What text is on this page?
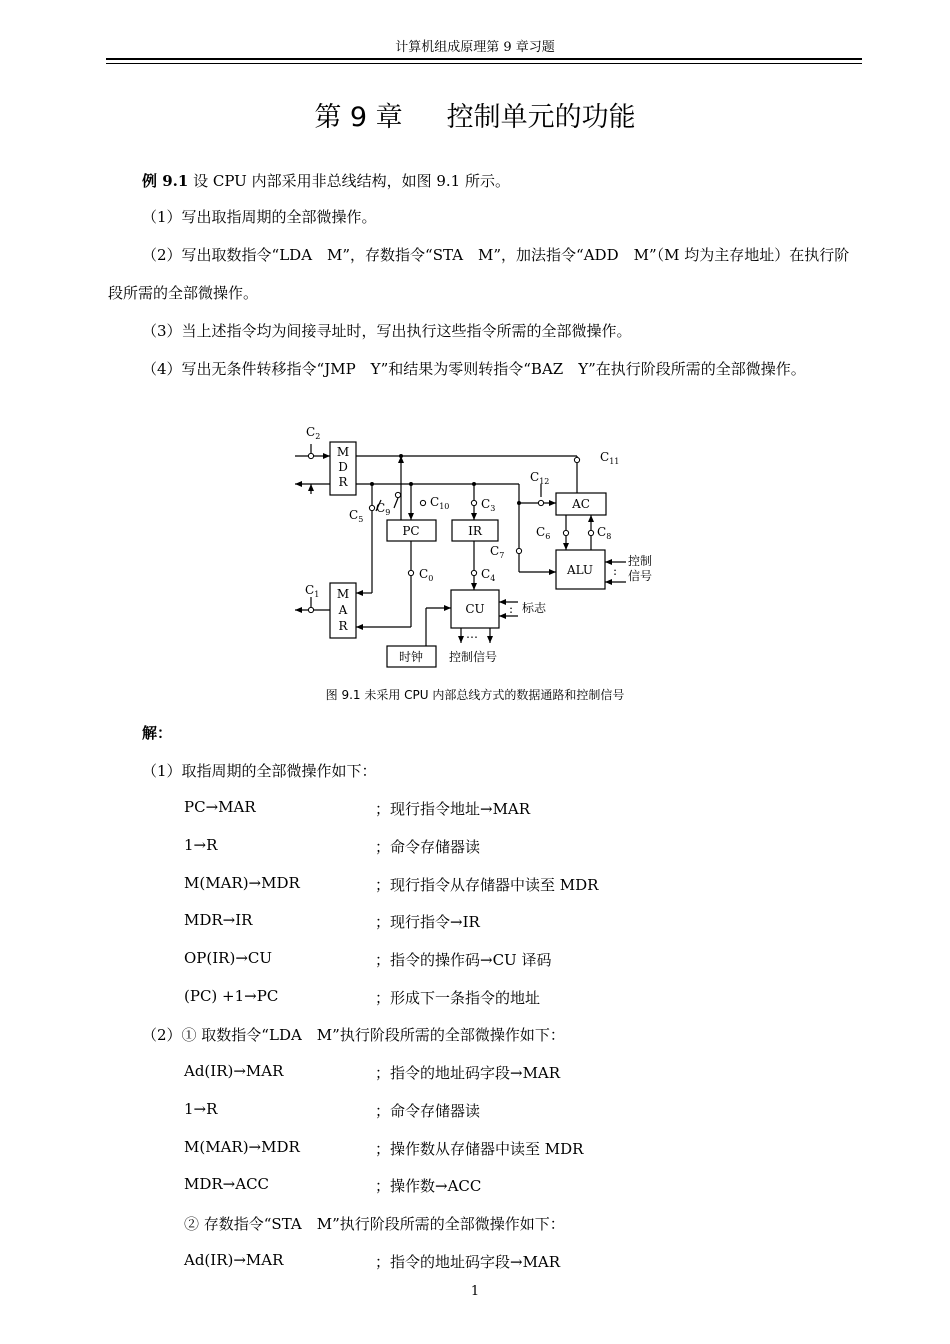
计算机组成原理第 9 章习题
第 9 章 控制单元的功能
例 9.1 设 CPU 内部采用非总线结构，如图 9.1 所示。
（1）写出取指周期的全部微操作。
（2）写出取数指令“LDA　M”，存数指令“STA　M”，加法指令“ADD　M”（M 均为主存地址）在执行阶段所需的全部微操作。
（3）当上述指令均为间接寻址时，写出执行这些指令所需的全部微操作。
（4）写出无条件转移指令“JMP　Y”和结果为零则转指令“BAZ　Y”在执行阶段所需的全部微操作。
M
D
R
M
A
R
PC	IR
AC
ALU
CU
时钟
$C_2$
$C_1$
$C_5$
$C_9$
$C_{10}$	$C_3$
$C_{12}$
$C_{11}$
$C_6$	$C_8$
$C_7$
$C_0$	$C_4$
控制
信号
:
标志
:
控制信号
…
图 9.1 未采用 CPU 内部总线方式的数据通路和控制信号
解：
（1）取指周期的全部微操作如下：
PC→MAR	；现行指令地址→MAR
1→R	；命令存储器读
M(MAR)→MDR	；现行指令从存储器中读至 MDR
MDR→IR	；现行指令→IR
OP(IR)→CU	；指令的操作码→CU 译码
(PC) +1→PC	；形成下一条指令的地址
（2）① 取数指令“LDA　M”执行阶段所需的全部微操作如下：
Ad(IR)→MAR	；指令的地址码字段→MAR
1→R	；命令存储器读
M(MAR)→MDR	；操作数从存储器中读至 MDR
MDR→ACC	；操作数→ACC
② 存数指令“STA　M”执行阶段所需的全部微操作如下：
Ad(IR)→MAR	；指令的地址码字段→MAR
1
